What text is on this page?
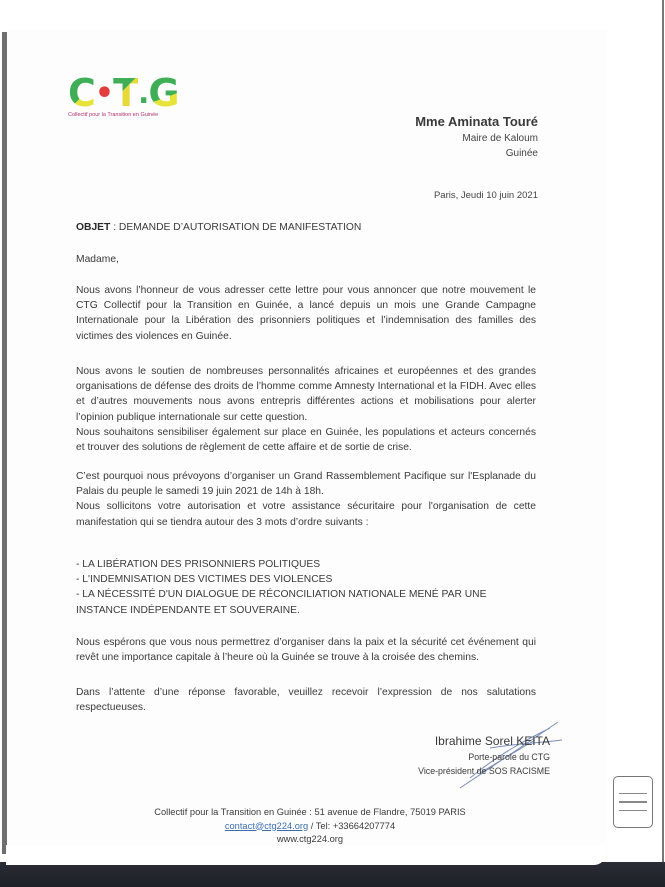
C • T . G
Collectif pour la Transition en Guinée	Mme Aminata Touré
Maire de Kaloum
Guinée
Paris, Jeudi 10 juin 2021
OBJET : DEMANDE D’AUTORISATION DE MANIFESTATION
Madame,
Nous avons l’honneur de vous adresser cette lettre pour vous annoncer que notre mouvement le CTG Collectif pour la Transition en Guinée, a lancé depuis un mois une Grande Campagne Internationale pour la Libération des prisonniers politiques et l’indemnisation des familles des victimes des violences en Guinée.
Nous avons le soutien de nombreuses personnalités africaines et européennes et des grandes organisations de défense des droits de l’homme comme Amnesty International et la FIDH. Avec elles et d’autres mouvements nous avons entrepris différentes actions et mobilisations pour alerter l’opinion publique internationale sur cette question.
Nous souhaitons sensibiliser également sur place en Guinée, les populations et acteurs concernés et trouver des solutions de règlement de cette affaire et de sortie de crise.
C’est pourquoi nous prévoyons d’organiser un Grand Rassemblement Pacifique sur l'Esplanade du Palais du peuple le samedi 19 juin 2021 de 14h à 18h.
Nous sollicitons votre autorisation et votre assistance sécuritaire pour l'organisation de cette manifestation qui se tiendra autour des 3 mots d’ordre suivants :
- LA LIBÉRATION DES PRISONNIERS POLITIQUES
- L'INDEMNISATION DES VICTIMES DES VIOLENCES
- LA NÉCESSITÉ D'UN DIALOGUE DE RÉCONCILIATION NATIONALE MENÉ PAR UNE INSTANCE INDÉPENDANTE ET SOUVERAINE.
Nous espérons que vous nous permettrez d’organiser dans la paix et la sécurité cet événement qui revêt une importance capitale à l’heure où la Guinée se trouve à la croisée des chemins.
Dans l’attente d’une réponse favorable, veuillez recevoir l’expression de nos salutations respectueuses.
Ibrahime Sorel KEITA
Porte-parole du CTG
Vice-président de SOS RACISME
Collectif pour la Transition en Guinée : 51 avenue de Flandre, 75019 PARIS
contact@ctg224.org / Tel: +33664207774
www.ctg224.org
